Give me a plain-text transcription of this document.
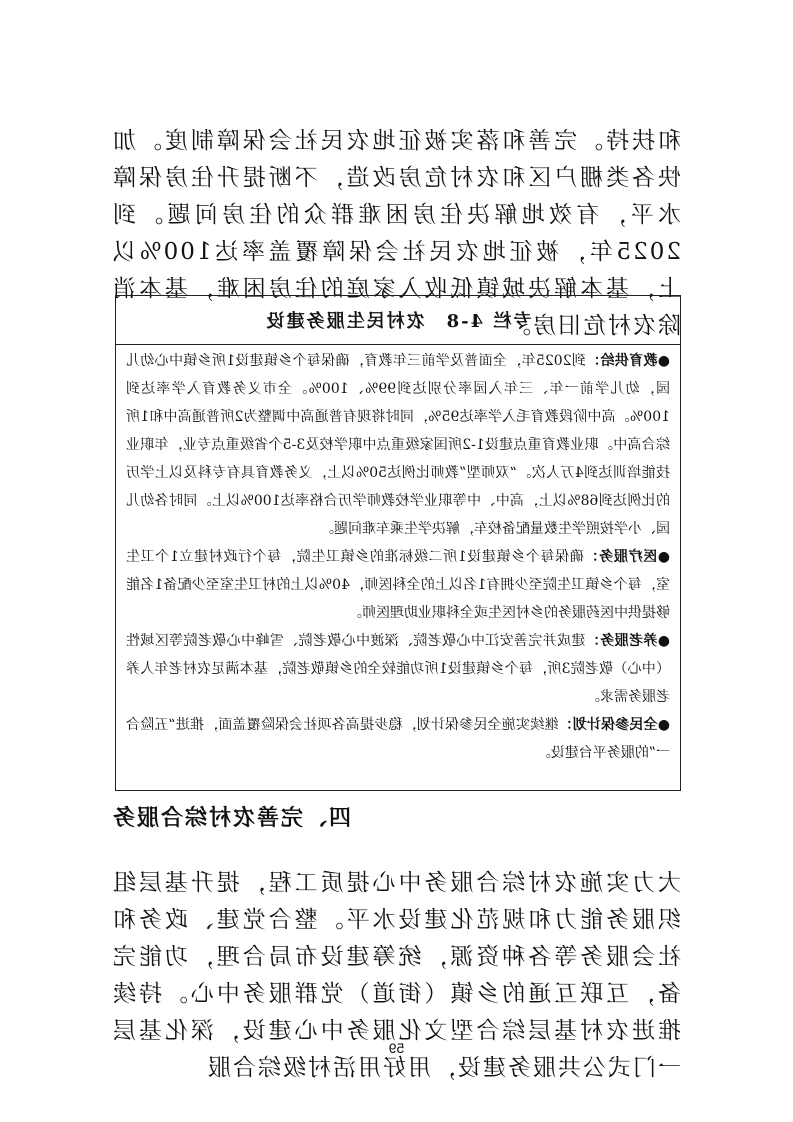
和扶持。完善和落实被征地农民社会保障制度。加快各类棚户区和农村危房改造，不断提升住房保障水平，有效地解决住房困难群众的住房问题。到2025年，被征地农民社会保障覆盖率达100%以上，基本解决城镇低收入家庭的住房困难，基本消除农村危旧房。

专栏 4-8　农村民生服务建设

●教育供给：到2025年，全面普及学前三年教育，确保每个乡镇建设1所乡镇中心幼儿园，幼儿学前一年、三年入园率分别达到99%、100%。全市义务教育入学率达到100%。高中阶段教育毛入学率达95%，同时将现有普通高中调整为2所普通高中和1所综合高中。职业教育重点建设1-2所国家级重点中职学校及3-5个省级重点专业，年职业技能培训达到4万人次。“双师型”教师比例达50%以上，义务教育具有专科及以上学历的比例达到68%以上，高中、中等职业学校教师学历合格率达100%以上。同时各幼儿园、小学按照学生数量配备校车，解决学生乘车难问题。

●医疗服务：确保每个乡镇建设1所二级标准的乡镇卫生院，每个行政村建立1个卫生室，每个乡镇卫生院至少拥有1名以上的全科医师，40%以上的村卫生室至少配备1名能够提供中医药服务的乡村医生或全科职业助理医师。

●养老服务：建成并完善安江中心敬老院、深渡中心敬老院、雪峰中心敬老院等区域性（中心）敬老院3所，每个乡镇建设1所功能较全的乡镇敬老院，基本满足农村老年人养老服务需求。

●全民参保计划：继续实施全民参保计划，稳步提高各项社会保险覆盖面，推进“五险合一”的服务平台建设。

四、完善农村综合服务

大力实施农村综合服务中心提质工程，提升基层组织服务能力和规范化建设水平。整合党建、政务和社会服务等各种资源，统筹建设布局合理，功能完备，互联互通的乡镇（街道）党群服务中心。持续推进农村基层综合型文化服务中心建设，深化基层一门式公共服务建设，用好用活村级综合服

59
